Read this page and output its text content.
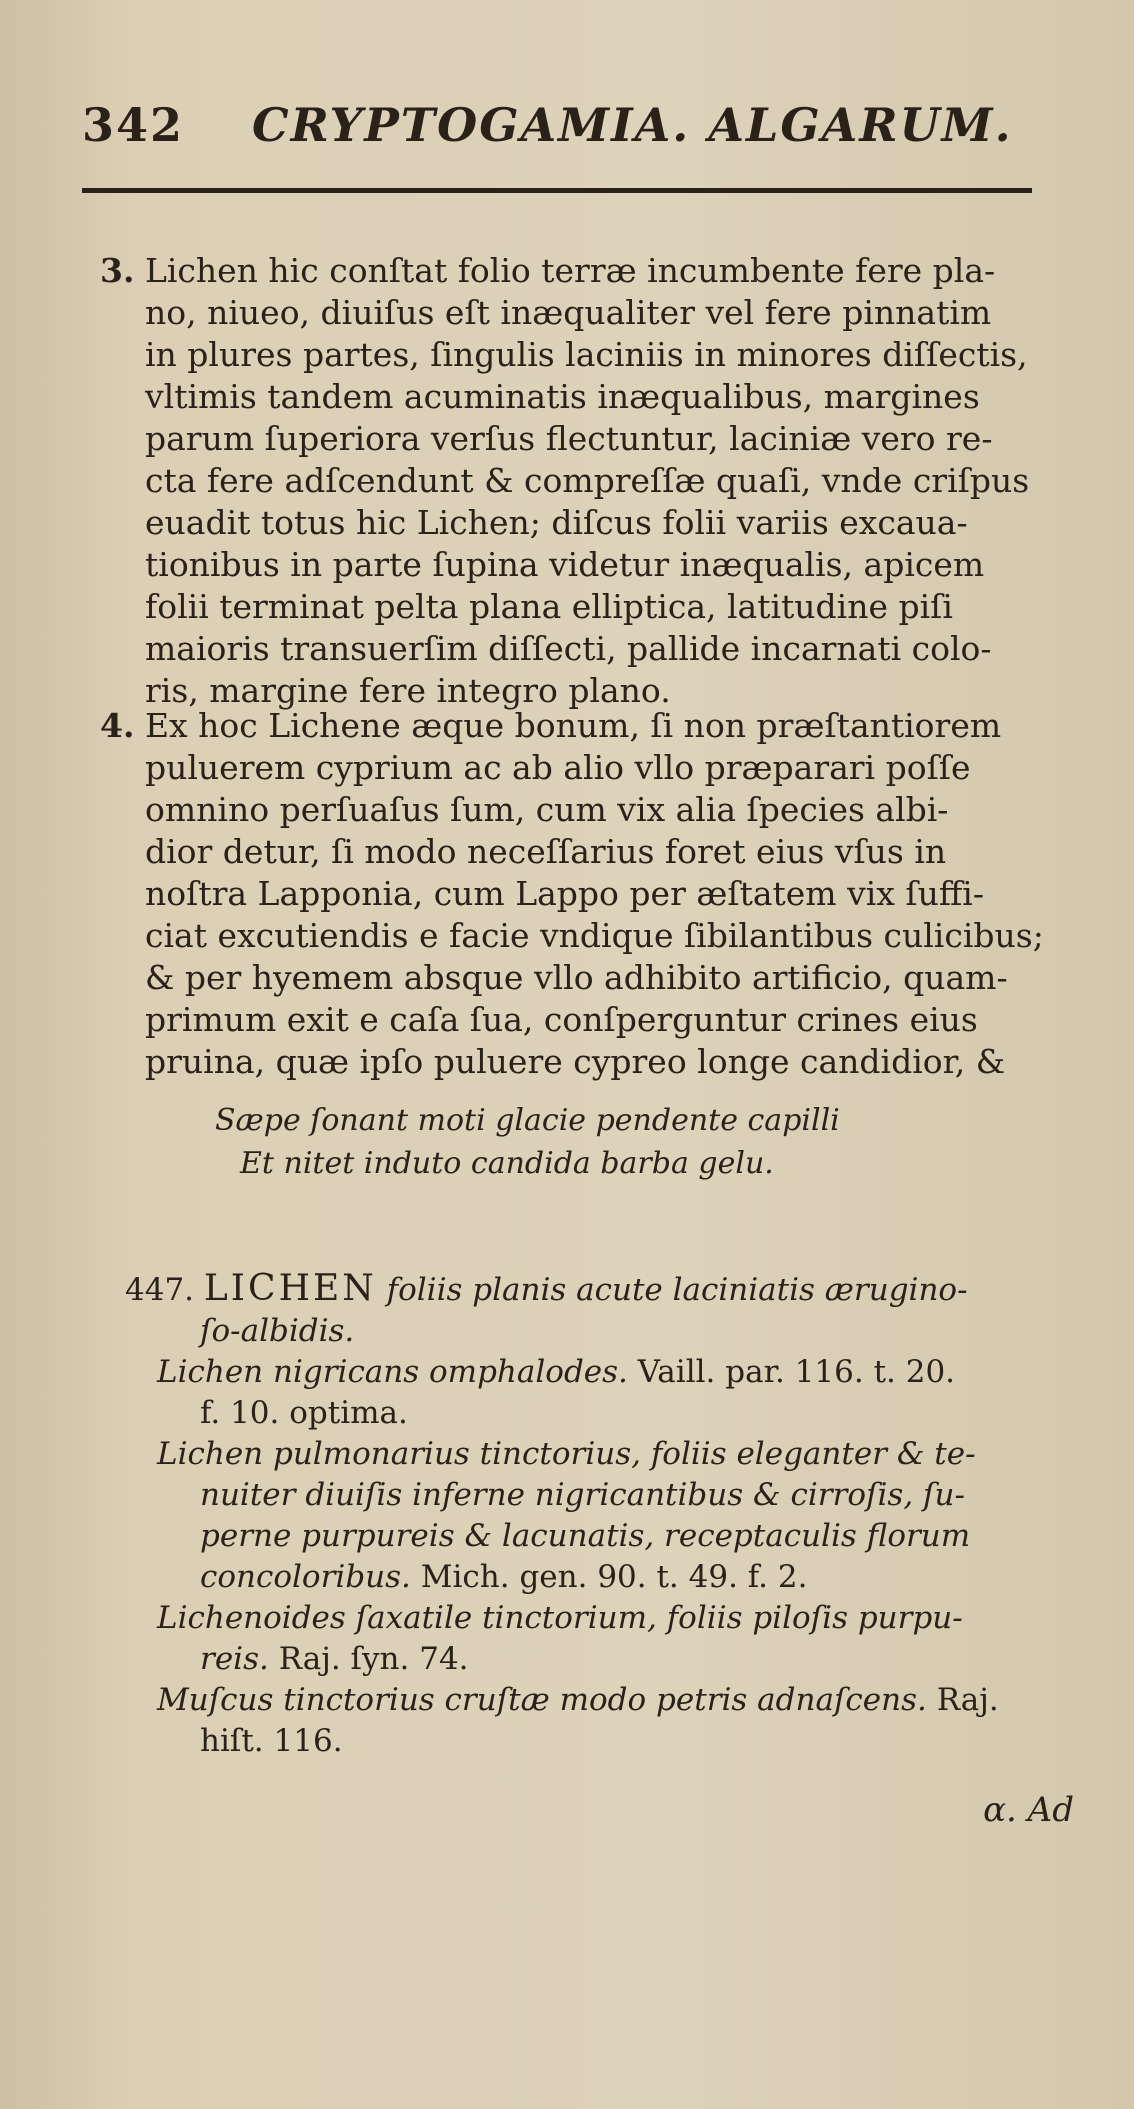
342 CRYPTOGAMIA. ALGARUM.
3. Lichen hic conſtat folio terræ incumbente fere pla-
no, niueo, diuiſus eſt inæqualiter vel fere pinnatim
in plures partes, ſingulis laciniis in minores diſſectis,
vltimis tandem acuminatis inæqualibus, margines
parum ſuperiora verſus flectuntur, laciniæ vero re-
cta fere adſcendunt & compreſſæ quaſi, vnde criſpus
euadit totus hic Lichen; diſcus folii variis excaua-
tionibus in parte ſupina videtur inæqualis, apicem
folii terminat pelta plana elliptica, latitudine piſi
maioris transuerſim diſſecti, pallide incarnati colo-
ris, margine fere integro plano.
4. Ex hoc Lichene æque bonum, ſi non præſtantiorem
puluerem cyprium ac ab alio vllo præparari poſſe
omnino perſuaſus ſum, cum vix alia ſpecies albi-
dior detur, ſi modo neceſſarius foret eius vſus in
noſtra Lapponia, cum Lappo per æſtatem vix ſuffi-
ciat excutiendis e facie vndique ſibilantibus culicibus;
& per hyemem absque vllo adhibito artificio, quam-
primum exit e caſa ſua, conſperguntur crines eius
pruina, quæ ipſo puluere cypreo longe candidior, &
Sæpe ſonant moti glacie pendente capilli
Et nitet induto candida barba gelu.
447. LICHEN foliis planis acute laciniatis ærugino-
ſo-albidis.
Lichen nigricans omphalodes. Vaill. par. 116. t. 20.
f. 10. optima.
Lichen pulmonarius tinctorius, foliis eleganter & te-
nuiter diuiſis inferne nigricantibus & cirroſis, ſu-
perne purpureis & lacunatis, receptaculis florum
concoloribus. Mich. gen. 90. t. 49. f. 2.
Lichenoides ſaxatile tinctorium, foliis piloſis purpu-
reis. Raj. ſyn. 74.
Muſcus tinctorius cruſtæ modo petris adnaſcens. Raj.
hiſt. 116.
α. Ad
